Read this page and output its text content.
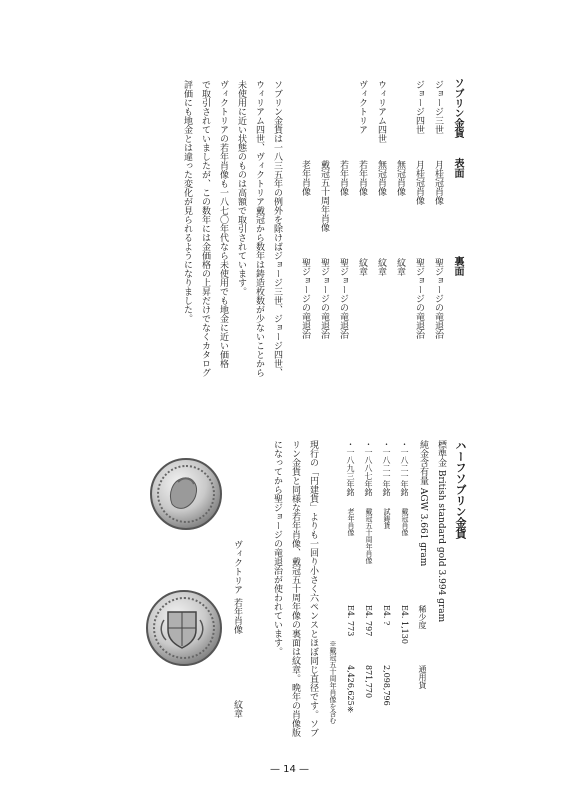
ソブリン金貨
表面
裏面
ジョージ三世
月桂冠肖像
聖ジョージの竜退治
ジョージ四世
月桂冠肖像
聖ジョージの竜退治
無冠肖像
紋章
ウィリアム四世
無冠肖像
紋章
ヴィクトリア
若年肖像
紋章
若年肖像
聖ジョージの竜退治
戴冠五十周年肖像
聖ジョージの竜退治
老年肖像
聖ジョージの竜退治
ソブリン金貨は一八三五年の例外を除けばジョージ三世、ジョージ四世、
ウィリアム四世、ヴィクトリア戴冠から数年は鋳造枚数が少ないことから
未使用に近い状態のものは高額で取引されています。
ヴィクトリアの若年肖像も一八七〇年代なら未使用でも地金に近い価格
で取引されていましたが、この数年には金価格の上昇だけでなくカタログ
評価にも地金とは違った変化が見られるようになりました。
ハーフソブリン金貨
標準金 British standard gold 3.994 gram
純金含有量 AGW 3.661 gram
稀少度
通用貨
・一八二一年銘
戴冠肖像
E4. 1,130
・一八二一年銘
試鋳貨
E4. ?
2,098,796
・一八八七年銘
戴冠五十周年肖像
E4. 797
871,770
・一八九三年銘
老年肖像
E4. 773
4,426,625※
※戴冠五十周年肖像を含む
現行の「円建貨」よりも一回り小さく六ペンスとほぼ同じ直径です。ソブ
リン金貨と同様な若年肖像、戴冠五十周年像の裏面は紋章。晩年の肖像版
になってから聖ジョージの竜退治が使われています。
ヴィクトリア
若年肖像
紋章
— 14 —
